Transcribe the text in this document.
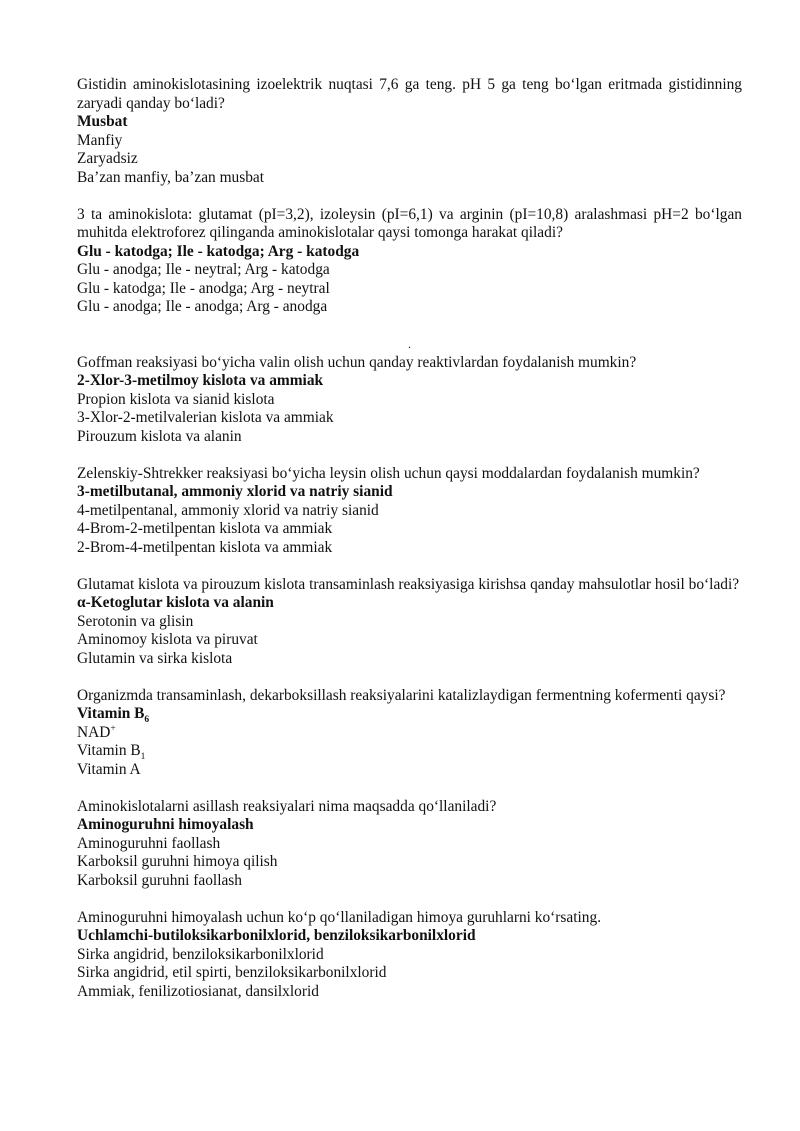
Gistidin aminokislotasining izoelektrik nuqtasi 7,6 ga teng. pH 5 ga teng bo‘lgan eritmada gistidinning zaryadi qanday bo‘ladi?
Musbat
Manfiy
Zaryadsiz
Ba’zan manfiy, ba’zan musbat
3 ta aminokislota: glutamat (pI=3,2), izoleysin (pI=6,1) va arginin (pI=10,8) aralashmasi pH=2 bo‘lgan muhitda elektroforez qilinganda aminokislotalar qaysi tomonga harakat qiladi?
Glu - katodga; Ile - katodga; Arg - katodga
Glu - anodga; Ile - neytral; Arg - katodga
Glu - katodga; Ile - anodga; Arg - neytral
Glu - anodga; Ile - anodga; Arg - anodga
.
Goffman reaksiyasi bo‘yicha valin olish uchun qanday reaktivlardan foydalanish mumkin?
2-Xlor-3-metilmoy kislota va ammiak
Propion kislota va sianid kislota
3-Xlor-2-metilvalerian kislota va ammiak
Pirouzum kislota va alanin
Zelenskiy-Shtrekker reaksiyasi bo‘yicha leysin olish uchun qaysi moddalardan foydalanish mumkin?
3-metilbutanal, ammoniy xlorid va natriy sianid
4-metilpentanal, ammoniy xlorid va natriy sianid
4-Brom-2-metilpentan kislota va ammiak
2-Brom-4-metilpentan kislota va ammiak
Glutamat kislota va pirouzum kislota transaminlash reaksiyasiga kirishsa qanday mahsulotlar hosil bo‘ladi?
α-Ketoglutar kislota va alanin
Serotonin va glisin
Aminomoy kislota va piruvat
Glutamin va sirka kislota
Organizmda transaminlash, dekarboksillash reaksiyalarini katalizlaydigan fermentning kofermenti qaysi?
Vitamin $B_6$
NAD+
Vitamin $B_1$
Vitamin A
Aminokislotalarni asillash reaksiyalari nima maqsadda qo‘llaniladi?
Aminoguruhni himoyalash
Aminoguruhni faollash
Karboksil guruhni himoya qilish
Karboksil guruhni faollash
Aminoguruhni himoyalash uchun ko‘p qo‘llaniladigan himoya guruhlarni ko‘rsating.
Uchlamchi-butiloksikarbonilxlorid, benziloksikarbonilxlorid
Sirka angidrid, benziloksikarbonilxlorid
Sirka angidrid, etil spirti, benziloksikarbonilxlorid
Ammiak, fenilizotiosianat, dansilxlorid
